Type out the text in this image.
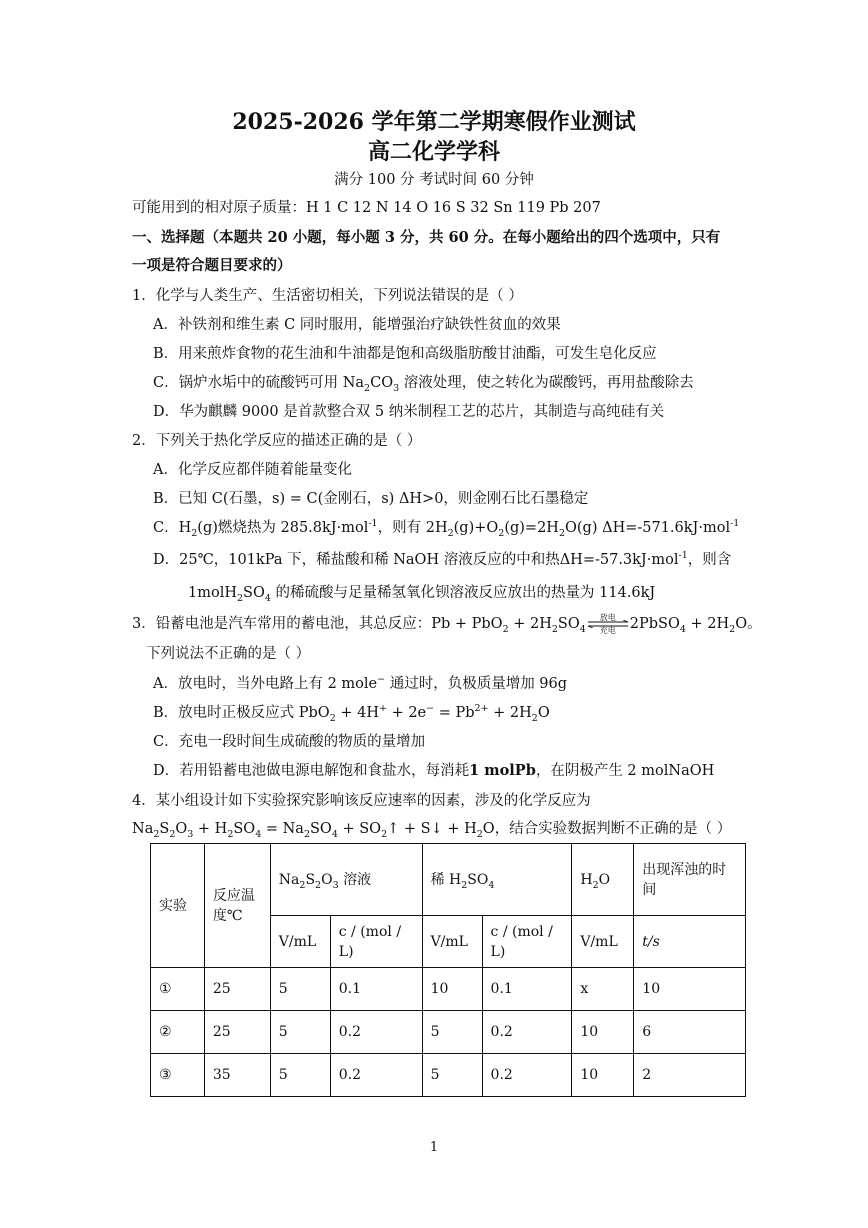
2025-2026 学年第二学期寒假作业测试
高二化学学科
满分 100 分 考试时间 60 分钟
可能用到的相对原子质量：H 1 C 12 N 14 O 16 S 32 Sn 119 Pb 207
一、选择题（本题共 20 小题，每小题 3 分，共 60 分。在每小题给出的四个选项中，只有
一项是符合题目要求的）
1．化学与人类生产、生活密切相关，下列说法错误的是（ ）
A．补铁剂和维生素 C 同时服用，能增强治疗缺铁性贫血的效果
B．用来煎炸食物的花生油和牛油都是饱和高级脂肪酸甘油酯，可发生皂化反应
C．锅炉水垢中的硫酸钙可用 $Na_2CO_3$ 溶液处理，使之转化为碳酸钙，再用盐酸除去
D．华为麒麟 9000 是首款整合双 5 纳米制程工艺的芯片，其制造与高纯硅有关
2．下列关于热化学反应的描述正确的是（ ）
A．化学反应都伴随着能量变化
B．已知 C(石墨，s) = C(金刚石，s) ΔH>0，则金刚石比石墨稳定
C．$H_2(g)$燃烧热为 285.8kJ·mol$^{-1}$，则有 $2H_2(g)+O_2(g)=2H_2O(g)$ ΔH=-571.6kJ·mol$^{-1}$
D．25℃，101kPa 下，稀盐酸和稀 NaOH 溶液反应的中和热ΔH=-57.3kJ·mol$^{-1}$，则含
$1molH_2SO_4$ 的稀硫酸与足量稀氢氧化钡溶液反应放出的热量为 114.6kJ
3．铅蓄电池是汽车常用的蓄电池，其总反应：$Pb + PbO_2 + 2H_2SO_4$
放电
充电 2PbSO$_4$ + $2H_2O$。
下列说法不正确的是（ ）
A．放电时，当外电路上有 2 mole− 通过时，负极质量增加 96g
B．放电时正极反应式 $PbO_2 + 4H^+ + 2e^- = Pb^{2+} + 2H_2O$
C．充电一段时间生成硫酸的物质的量增加
D．若用铅蓄电池做电源电解饱和食盐水，每消耗1 molPb，在阴极产生 2 molNaOH
4．某小组设计如下实验探究影响该反应速率的因素，涉及的化学反应为
$Na_2S_2O_3 + H_2SO_4 = Na_2SO_4$ + $SO_2↑$ + S↓ + $H_2O$，结合实验数据判断不正确的是（ ）
实验	反应温度℃	$Na_2S_2O_3$ 溶液		稀 $H_2SO_4$		$H_2O$	出现浑浊的时间
		V/mL	c / (mol / L)	V/mL	c / (mol / L)	V/mL	t/s
①	25	5	0.1	10	0.1	x	10
②	25	5	0.2	5	0.2	10	6
③	35	5	0.2	5	0.2	10	2
1
